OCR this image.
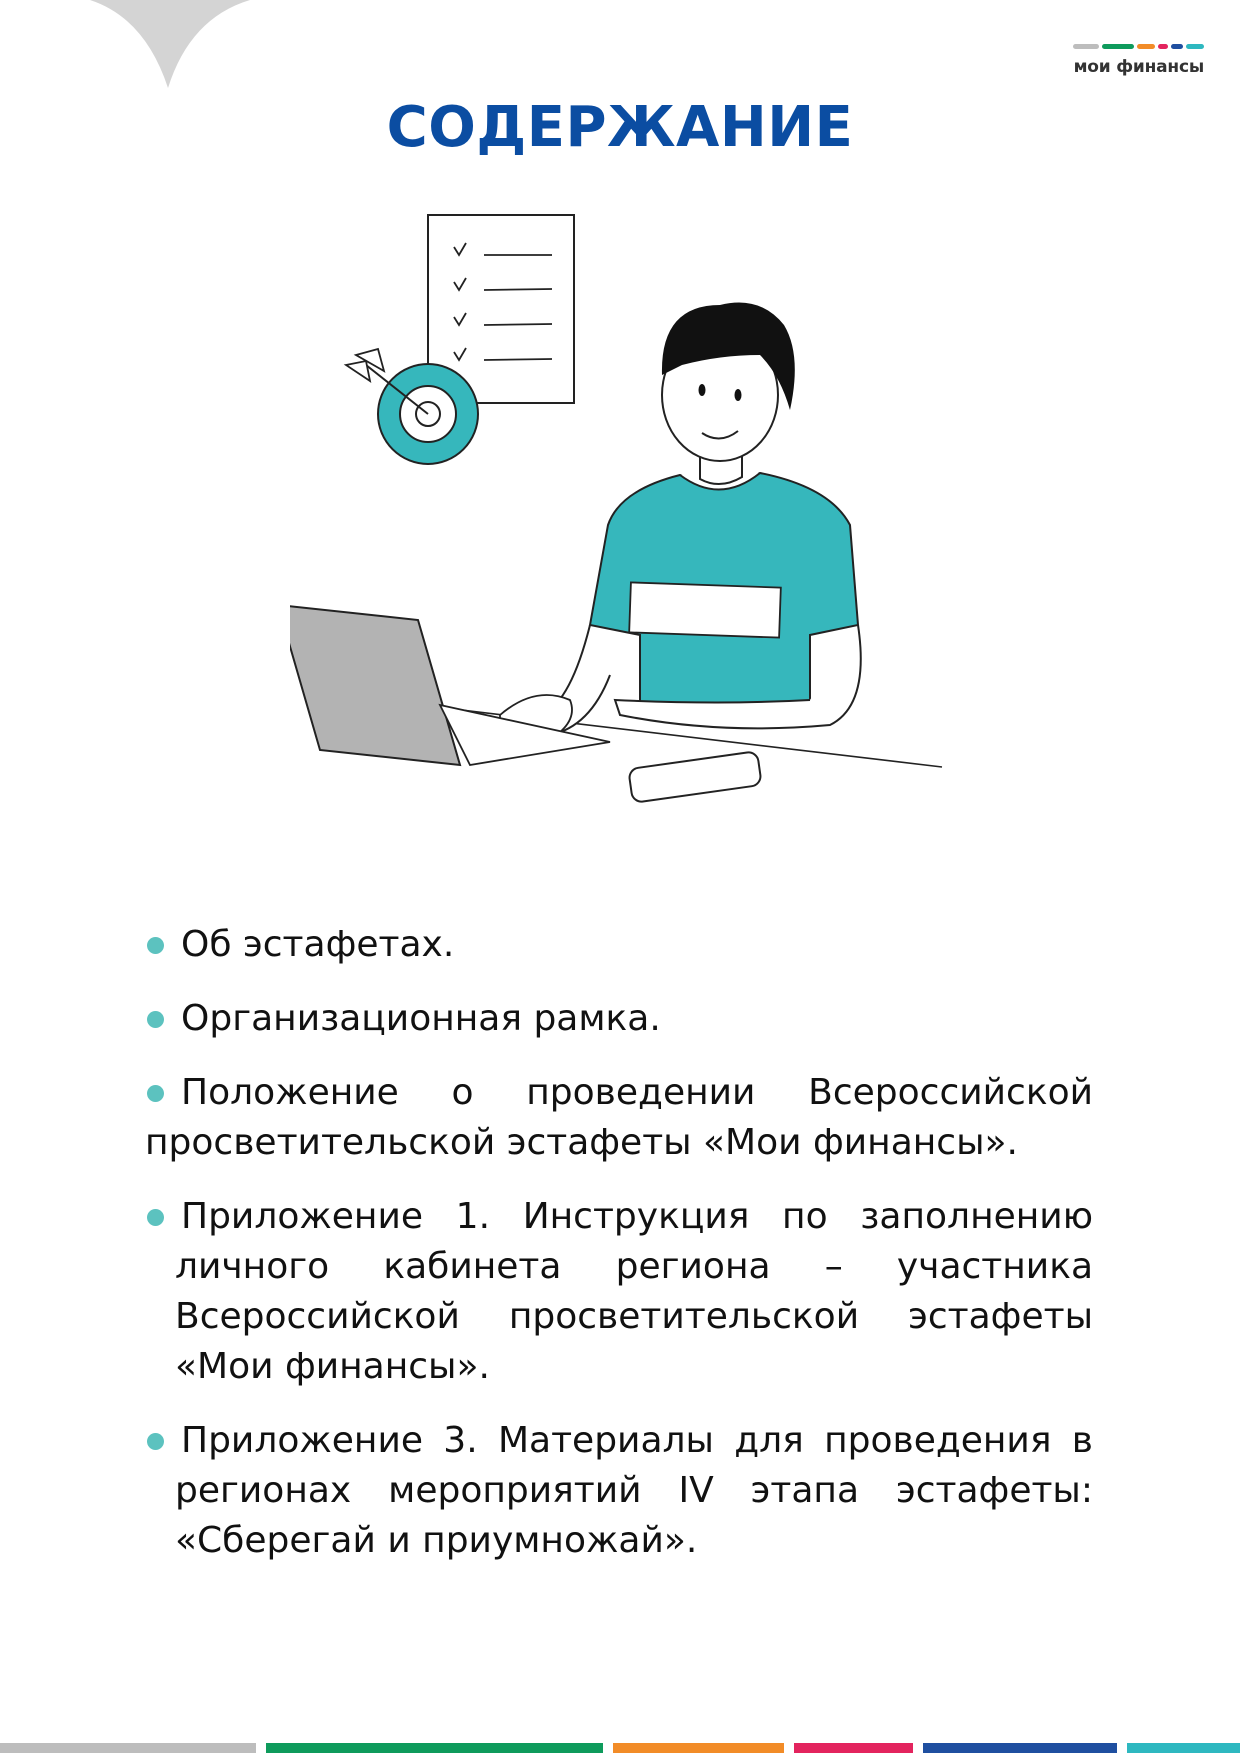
мои финансы
СОДЕРЖАНИЕ
Об эстафетах.
Организационная рамка.
Положение о проведении Всероссийской просветительской эстафеты «Мои финансы».
Приложение 1. Инструкция по заполнению личного кабинета региона – участника Всероссийской просветительской эстафеты «Мои финансы».
Приложение 3. Материалы для проведения в регионах мероприятий IV этапа эстафеты: «Сберегай и приумножай».
